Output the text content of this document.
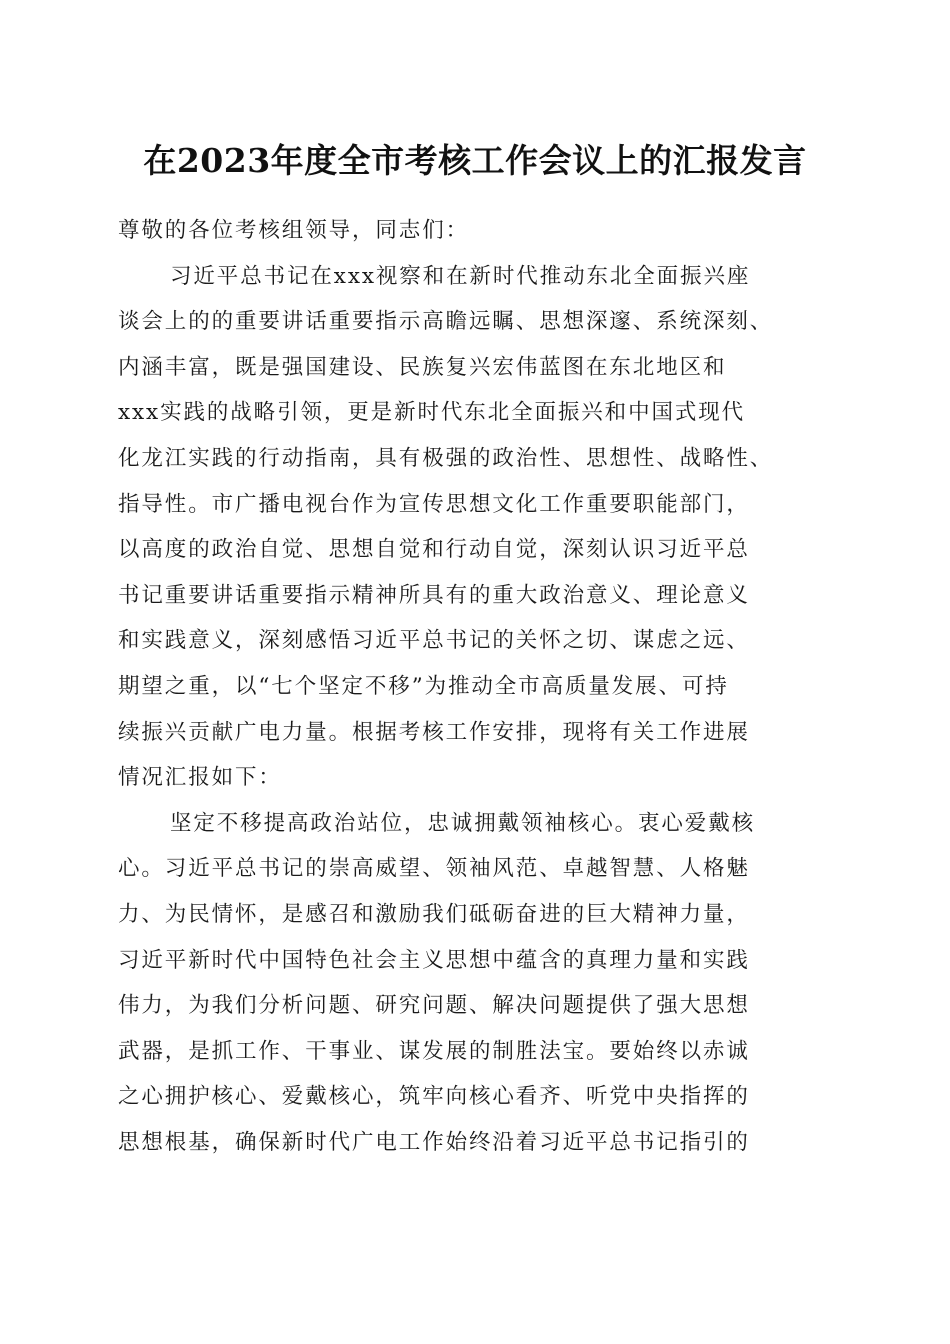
在2023年度全市考核工作会议上的汇报发言
尊敬的各位考核组领导，同志们：
习近平总书记在xxx视察和在新时代推动东北全面振兴座
谈会上的的重要讲话重要指示高瞻远瞩、思想深邃、系统深刻、
内涵丰富，既是强国建设、民族复兴宏伟蓝图在东北地区和
xxx实践的战略引领，更是新时代东北全面振兴和中国式现代
化龙江实践的行动指南，具有极强的政治性、思想性、战略性、
指导性。市广播电视台作为宣传思想文化工作重要职能部门，
以高度的政治自觉、思想自觉和行动自觉，深刻认识习近平总
书记重要讲话重要指示精神所具有的重大政治意义、理论意义
和实践意义，深刻感悟习近平总书记的关怀之切、谋虑之远、
期望之重，以“七个坚定不移”为推动全市高质量发展、可持
续振兴贡献广电力量。根据考核工作安排，现将有关工作进展
情况汇报如下：
坚定不移提高政治站位，忠诚拥戴领袖核心。衷心爱戴核
心。习近平总书记的崇高威望、领袖风范、卓越智慧、人格魅
力、为民情怀，是感召和激励我们砥砺奋进的巨大精神力量，
习近平新时代中国特色社会主义思想中蕴含的真理力量和实践
伟力，为我们分析问题、研究问题、解决问题提供了强大思想
武器，是抓工作、干事业、谋发展的制胜法宝。要始终以赤诚
之心拥护核心、爱戴核心，筑牢向核心看齐、听党中央指挥的
思想根基，确保新时代广电工作始终沿着习近平总书记指引的
